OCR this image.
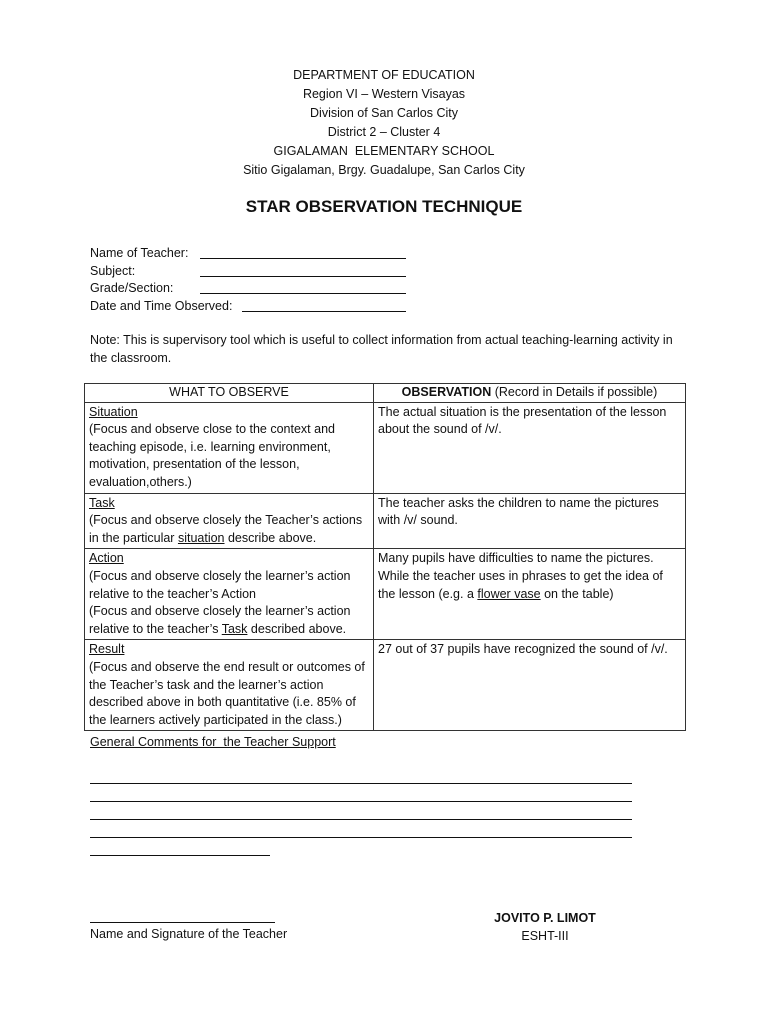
DEPARTMENT OF EDUCATION
Region VI – Western Visayas
Division of San Carlos City
District 2 – Cluster 4
GIGALAMAN  ELEMENTARY SCHOOL
Sitio Gigalaman, Brgy. Guadalupe, San Carlos City
STAR OBSERVATION TECHNIQUE
Name of Teacher:
Subject:
Grade/Section:
Date and Time Observed:
Note: This is supervisory tool which is useful to collect information from actual teaching-learning activity in the classroom.
WHAT TO OBSERVE	OBSERVATION (Record in Details if possible)
Situation
(Focus and observe close to the context and teaching episode, i.e. learning environment, motivation, presentation of the lesson, evaluation,others.)	The actual situation is the presentation of the lesson about the sound of /v/.
Task
(Focus and observe closely the Teacher’s actions in the particular situation describe above.	The teacher asks the children to name the pictures with /v/ sound.
Action
(Focus and observe closely the learner’s action relative to the teacher’s Action
(Focus and observe closely the learner’s action relative to the teacher’s Task described above.	Many pupils have difficulties to name the pictures. While the teacher uses in phrases to get the idea of the lesson (e.g. a flower vase on the table)
Result
(Focus and observe the end result or outcomes of the Teacher’s task and the learner’s action described above in both quantitative (i.e. 85% of the learners actively participated in the class.)	27 out of 37 pupils have recognized the sound of /v/.
General Comments for  the Teacher Support
Name and Signature of the Teacher
JOVITO P. LIMOT
ESHT-III
